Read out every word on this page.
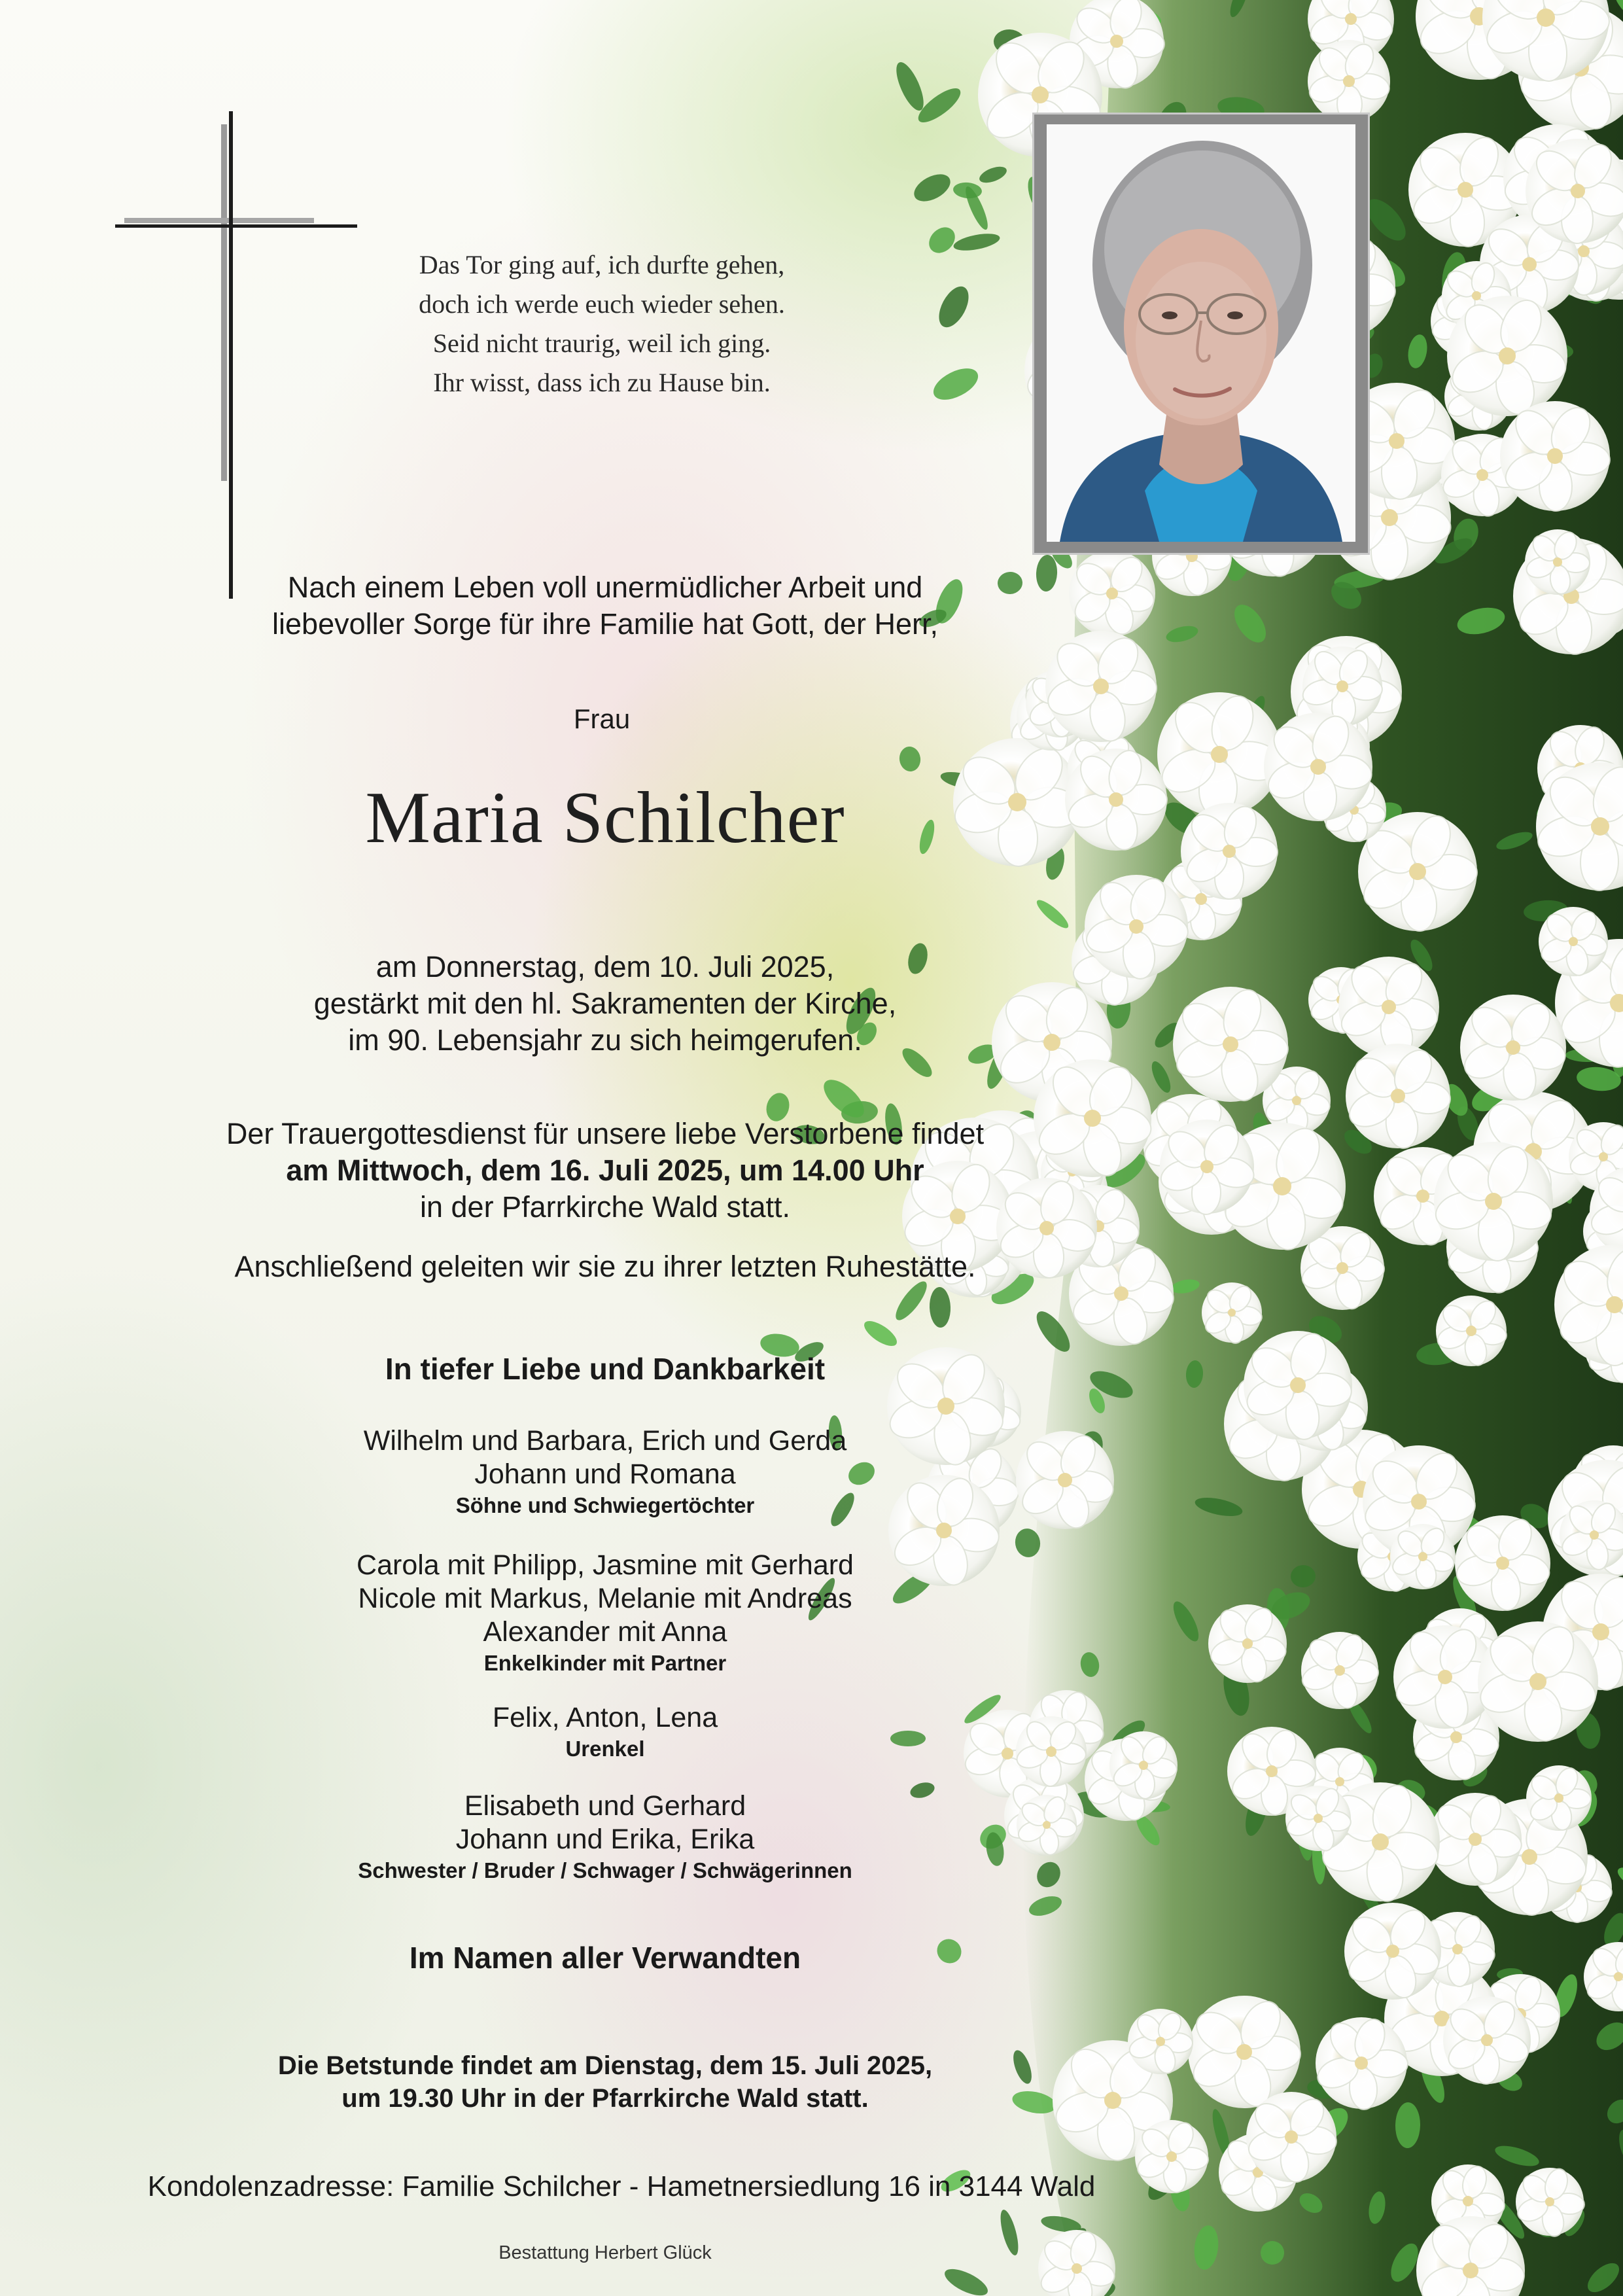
Das Tor ging auf, ich durfte gehen,
doch ich werde euch wieder sehen.
Seid nicht traurig, weil ich ging.
Ihr wisst, dass ich zu Hause bin.
Nach einem Leben voll unermüdlicher Arbeit und
liebevoller Sorge für ihre Familie hat Gott, der Herr,
Frau
Maria Schilcher
am Donnerstag, dem 10. Juli 2025,
gestärkt mit den hl. Sakramenten der Kirche,
im 90. Lebensjahr zu sich heimgerufen.
Der Trauergottesdienst für unsere liebe Verstorbene findet
am Mittwoch, dem 16. Juli 2025, um 14.00 Uhr
in der Pfarrkirche Wald statt.
Anschließend geleiten wir sie zu ihrer letzten Ruhestätte.
In tiefer Liebe und Dankbarkeit
Wilhelm und Barbara, Erich und Gerda
Johann und Romana
Söhne und Schwiegertöchter
Carola mit Philipp, Jasmine mit Gerhard
Nicole mit Markus, Melanie mit Andreas
Alexander mit Anna
Enkelkinder mit Partner
Felix, Anton, Lena
Urenkel
Elisabeth und Gerhard
Johann und Erika, Erika
Schwester / Bruder / Schwager / Schwägerinnen
Im Namen aller Verwandten
Die Betstunde findet am Dienstag, dem 15. Juli 2025,
um 19.30 Uhr in der Pfarrkirche Wald statt.
Kondolenzadresse: Familie Schilcher - Hametnersiedlung 16 in 3144 Wald
Bestattung Herbert Glück
